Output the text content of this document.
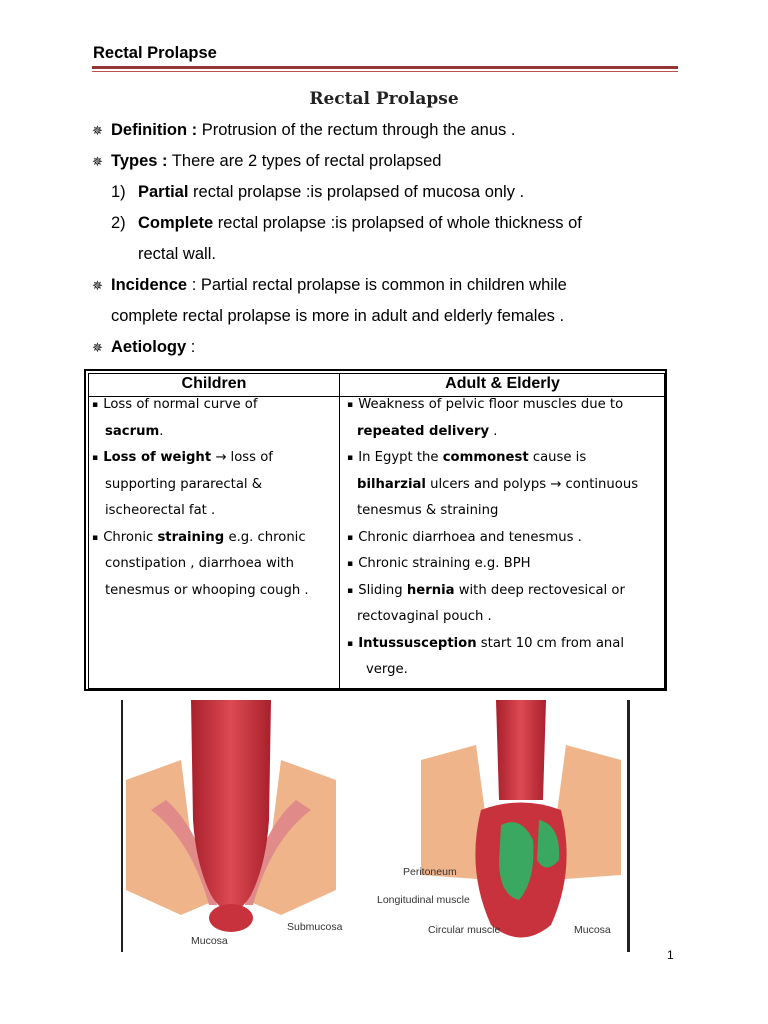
Rectal Prolapse
Rectal Prolapse
✵ Definition : Protrusion of the rectum through the anus .
✵ Types : There are 2 types of rectal prolapsed
1) Partial rectal prolapse :is prolapsed of mucosa only .
2) Complete rectal prolapse :is prolapsed of whole thickness of
rectal wall.
✵ Incidence : Partial rectal prolapse is common in children while
complete rectal prolapse is more in adult and elderly females .
✵ Aetiology :
Children	Adult & Elderly
▪ Loss of normal curve of
sacrum.
▪ Loss of weight → loss of
supporting pararectal &
ischeorectal fat .
▪ Chronic straining e.g. chronic
constipation , diarrhoea with
tenesmus or whooping cough .
▪ Weakness of pelvic floor muscles due to
repeated delivery .
▪ In Egypt the commonest cause is
bilharzial ulcers and polyps → continuous
tenesmus & straining
▪ Chronic diarrhoea and tenesmus .
▪ Chronic straining e.g. BPH
▪ Sliding hernia with deep rectovesical or
rectovaginal pouch .
▪ Intussusception start 10 cm from anal
verge.
Submucosa
Mucosa
Peritoneum
Longitudinal muscle
Circular muscle	Mucosa
1
